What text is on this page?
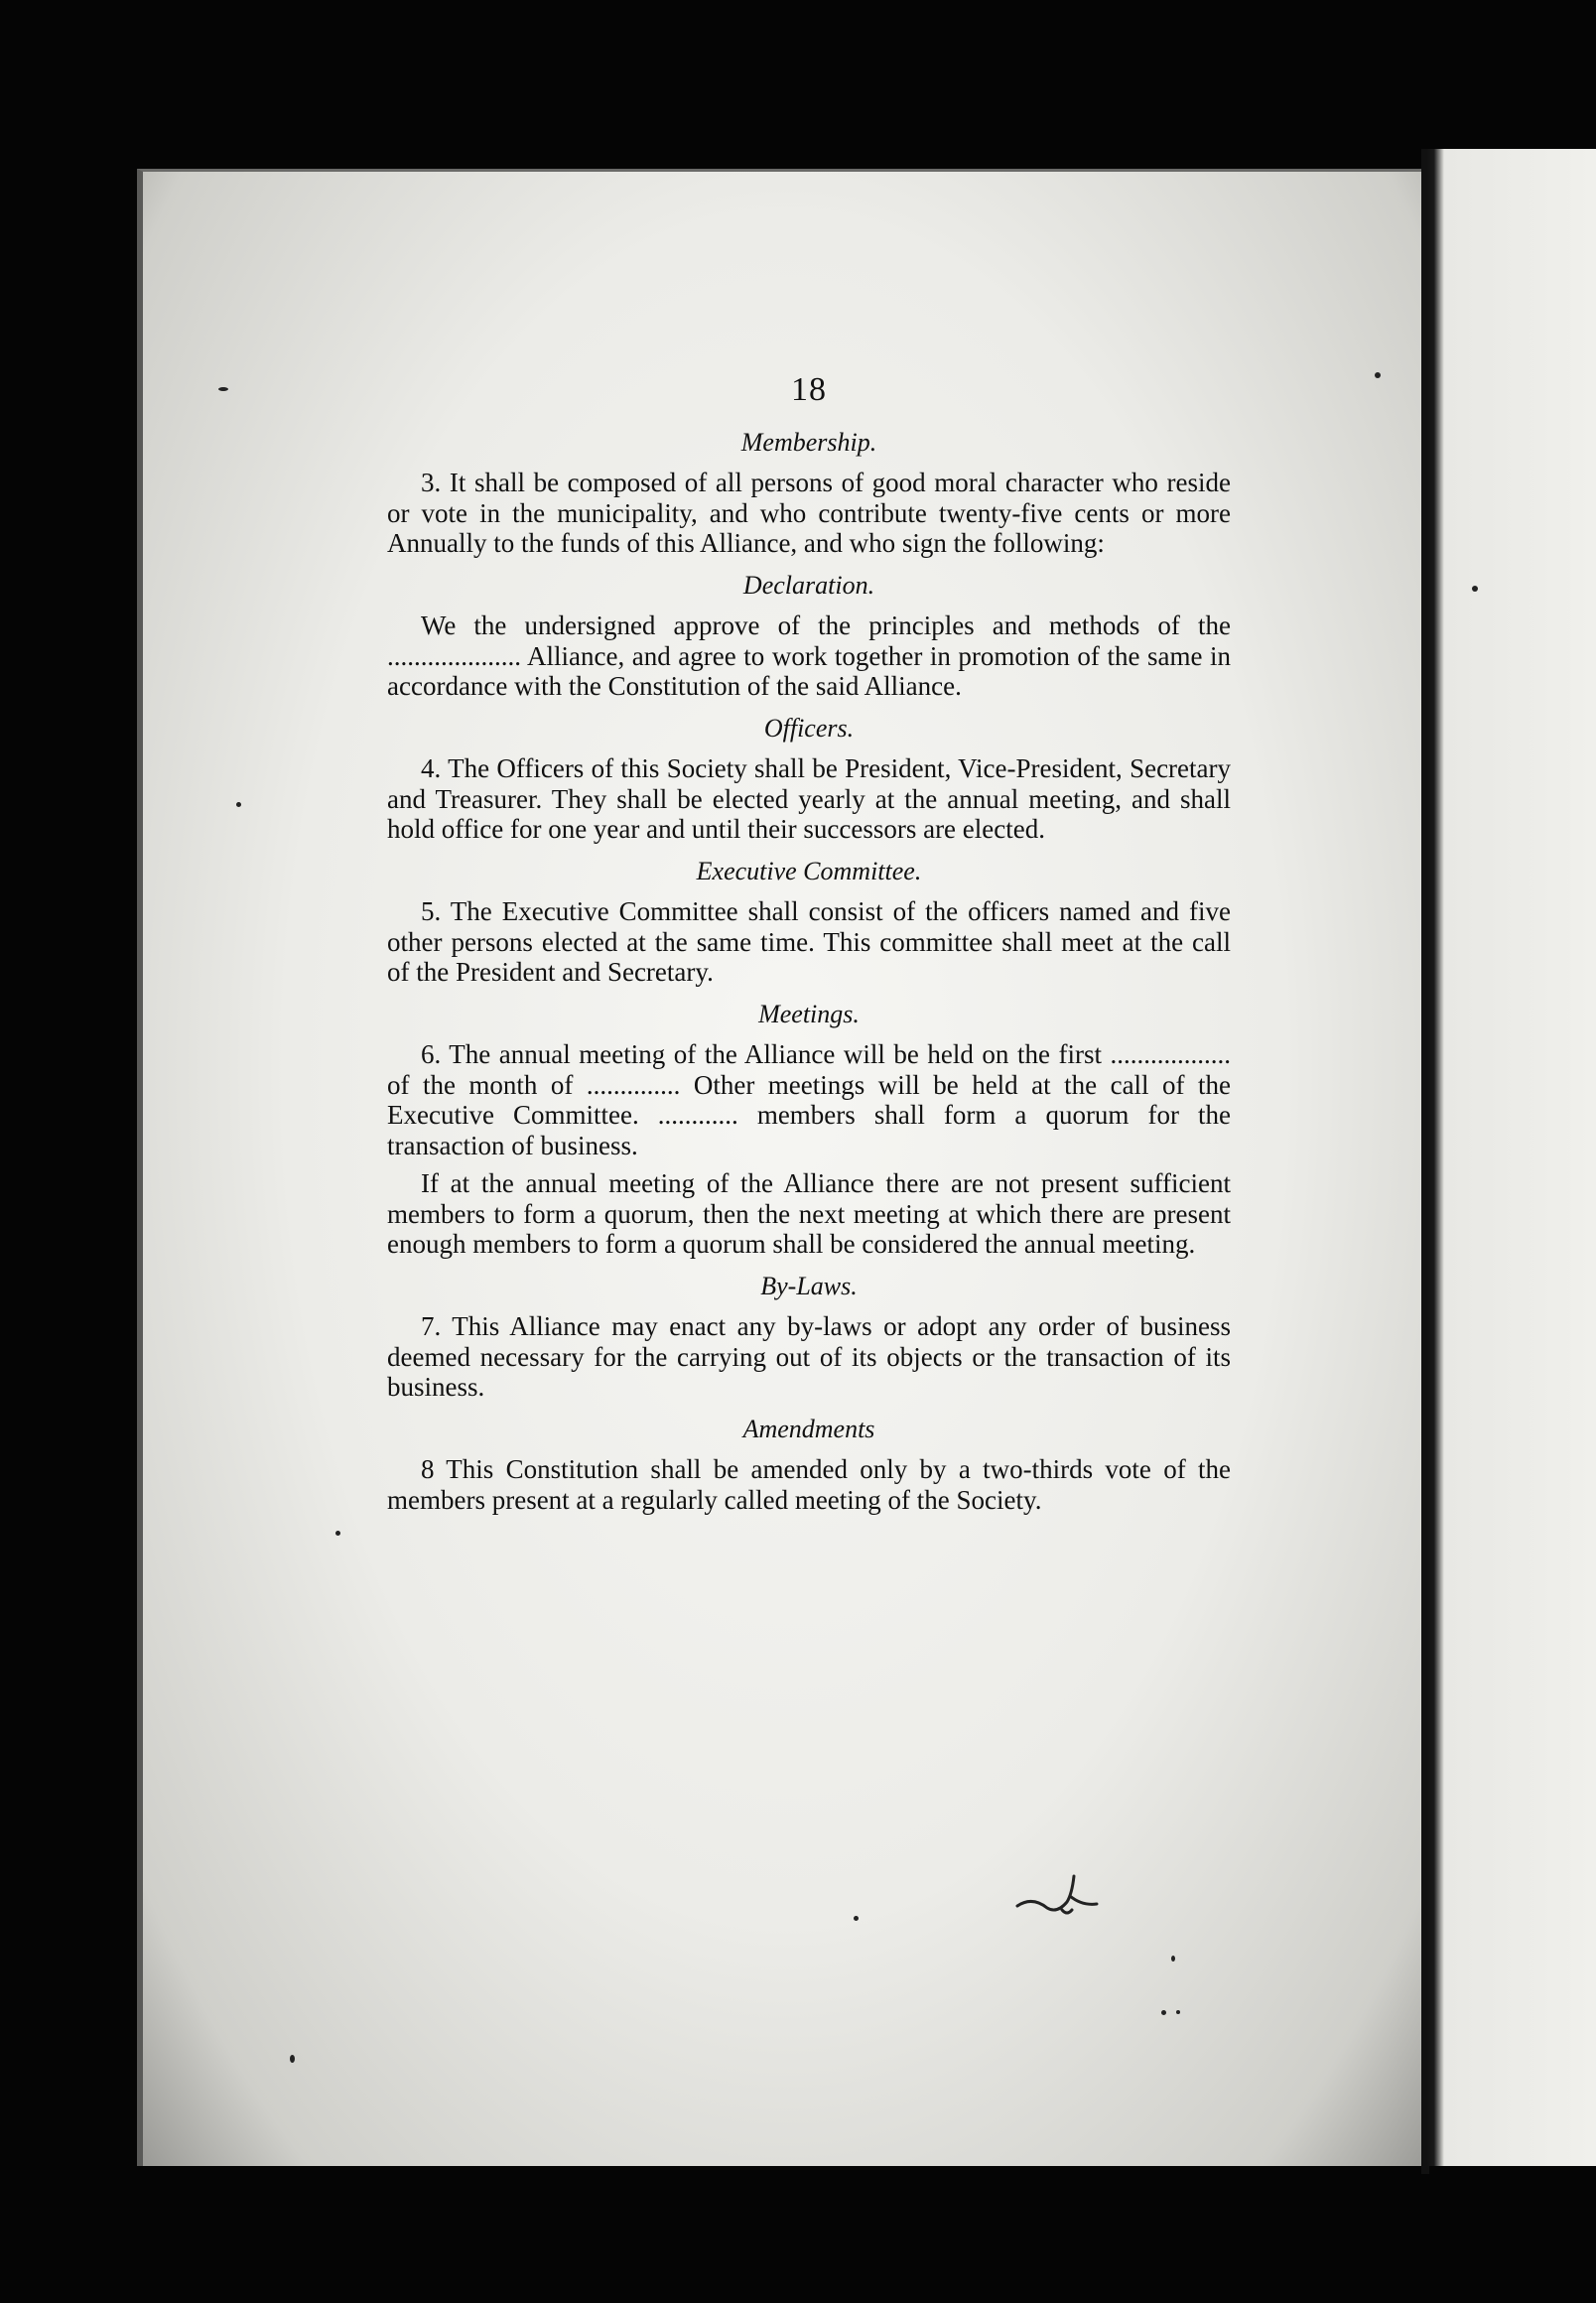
18
Membership.

3. It shall be composed of all persons of good moral character who reside or vote in the municipality, and who contribute twenty-five cents or more Annually to the funds of this Alliance, and who sign the following:

Declaration.

We the undersigned approve of the principles and methods of the .................... Alliance, and agree to work together in promotion of the same in accordance with the Constitution of the said Alliance.

Officers.

4. The Officers of this Society shall be President, Vice-President, Secretary and Treasurer. They shall be elected yearly at the annual meeting, and shall hold office for one year and until their successors are elected.

Executive Committee.

5. The Executive Committee shall consist of the officers named and five other persons elected at the same time. This committee shall meet at the call of the President and Secretary.

Meetings.

6. The annual meeting of the Alliance will be held on the first .................. of the month of .............. Other meetings will be held at the call of the Executive Committee. ............ members shall form a quorum for the transaction of business.

If at the annual meeting of the Alliance there are not present sufficient members to form a quorum, then the next meeting at which there are present enough members to form a quorum shall be considered the annual meeting.

By-Laws.

7. This Alliance may enact any by-laws or adopt any order of business deemed necessary for the carrying out of its objects or the transaction of its business.

Amendments

8 This Constitution shall be amended only by a two-thirds vote of the members present at a regularly called meeting of the Society.
